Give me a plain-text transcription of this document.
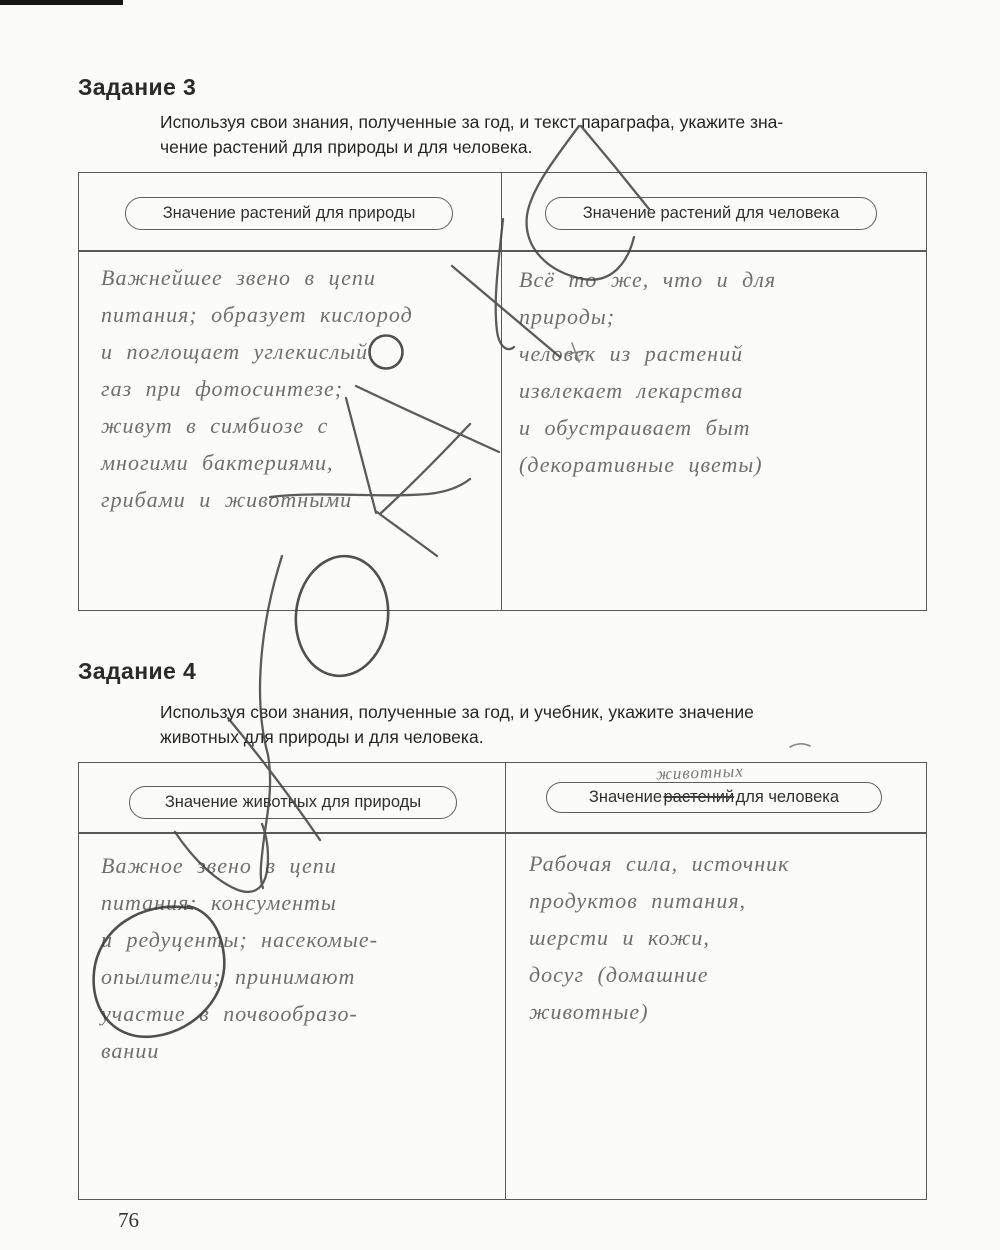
Задание 3
Используя свои знания, полученные за год, и текст параграфа, укажите зна-
чение растений для природы и для человека.
Значение растений для природы	Значение растений для человека
Важнейшее звено в цепи
питания; образует кислород
и поглощает углекислый
газ при фотосинтезе;
живут в симбиозе с
многими бактериями,
грибами и животными
Всё то же, что и для
природы;
человек из растений
извлекает лекарства
и обустраивает быт
(декоративные цветы)
Задание 4
Используя свои знания, полученные за год, и учебник, укажите значение
животных для природы и для человека.
Значение животных для природы	Значение
  растений
  для человека
животных
Важное звено в цепи
питания: консументы
и редуценты; насекомые-
опылители; принимают
участие в почвообразо-
вании
Рабочая сила, источник
продуктов питания,
шерсти и кожи,
досуг (домашние
животные)
76
